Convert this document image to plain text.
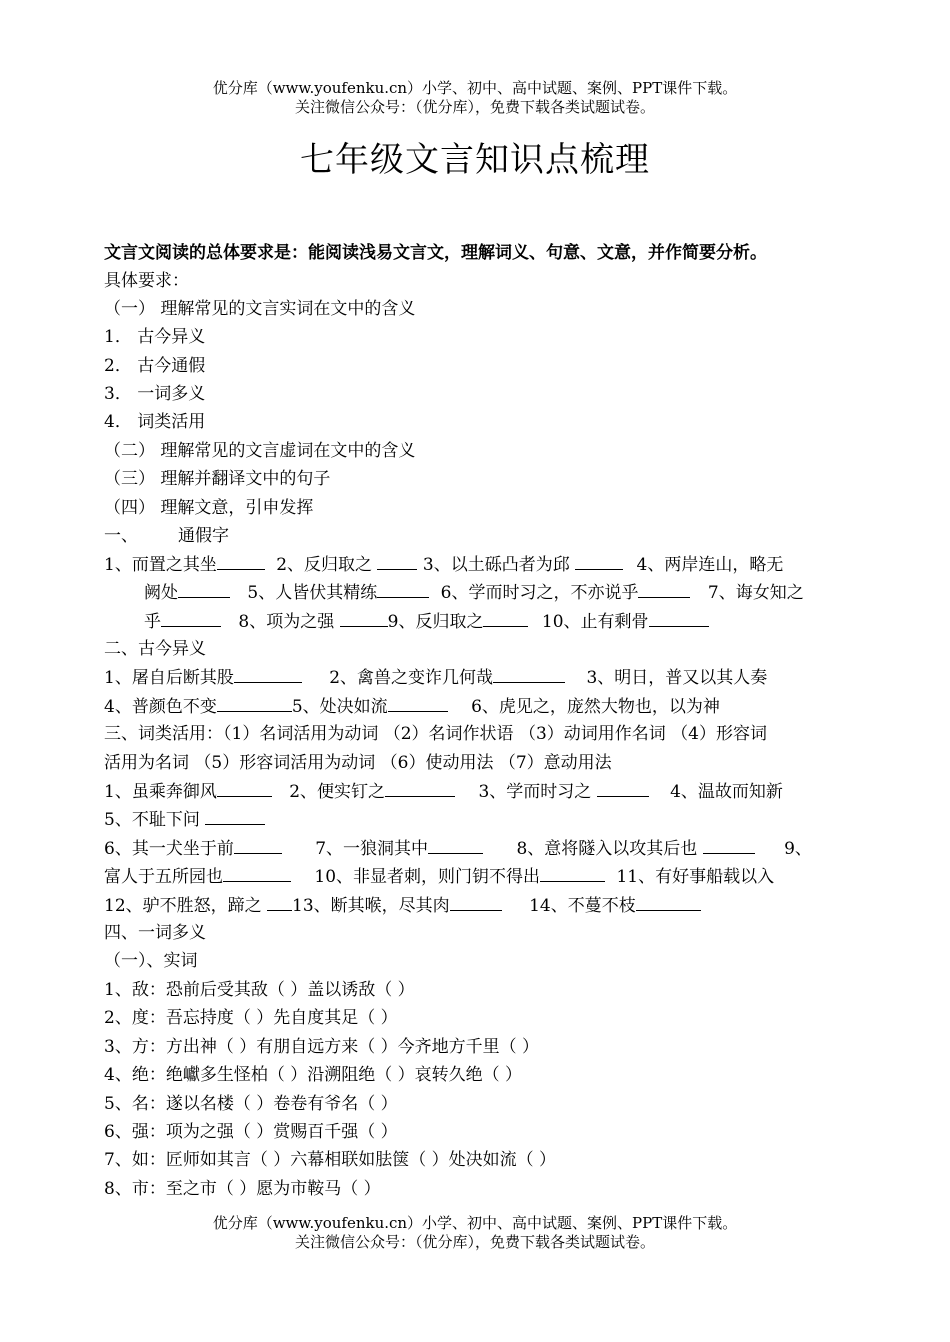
优分库（www.youfenku.cn）小学、初中、高中试题、案例、PPT课件下载。
关注微信公众号：（优分库），免费下载各类试题试卷。
七年级文言知识点梳理
文言文阅读的总体要求是：能阅读浅易文言文，理解词义、句意、文意，并作简要分析。
具体要求：
（一） 理解常见的文言实词在文中的含义
1． 古今异义
2． 古今通假
3． 一词多义
4． 词类活用
（二） 理解常见的文言虚词在文中的含义
（三） 理解并翻译文中的句子
（四） 理解文意，引申发挥
一、 通假字
1、而置之其坐	2、反归取之	3、以土砾凸者为邱	4、两岸连山，略无
阙处	5、人皆伏其精练	6、学而时习之，不亦说乎	7、诲女知之
乎	8、项为之强	9、反归取之	10、止有剩骨
二、古今异义
1、屠自后断其股	2、禽兽之变诈几何哉	3、明日，普又以其人奏
4、普颜色不变	5、处决如流	6、虎见之，庞然大物也，以为神
三、词类活用：（1）名词活用为动词 （2）名词作状语 （3）动词用作名词 （4）形容词
活用为名词 （5）形容词活用为动词 （6）使动用法 （7）意动用法
1、虽乘奔御风	2、便实钉之	3、学而时习之	4、温故而知新
5、不耻下问
6、其一犬坐于前	7、一狼洞其中	8、意将隧入以攻其后也	9、
富人于五所园也	10、非显者刺，则门钥不得出	11、有好事船载以入
12、驴不胜怒，蹄之 13、断其喉，尽其肉	14、不蔓不枝
四、一词多义
（一）、实词
1、敌：恐前后受其敌（ ）盖以诱敌（ ）
2、度：吾忘持度（ ）先自度其足（ ）
3、方：方出神（ ）有朋自远方来（ ）今齐地方千里（ ）
4、绝：绝巘多生怪柏（ ）沿溯阻绝（ ）哀转久绝（ ）
5、名：遂以名楼（ ）卷卷有爷名（ ）
6、强：项为之强（ ）赏赐百千强（ ）
7、如：匠师如其言（ ）六幕相联如胠箧（ ）处决如流（ ）
8、市：至之市（ ）愿为市鞍马（ ）
优分库（www.youfenku.cn）小学、初中、高中试题、案例、PPT课件下载。
关注微信公众号：（优分库），免费下载各类试题试卷。
